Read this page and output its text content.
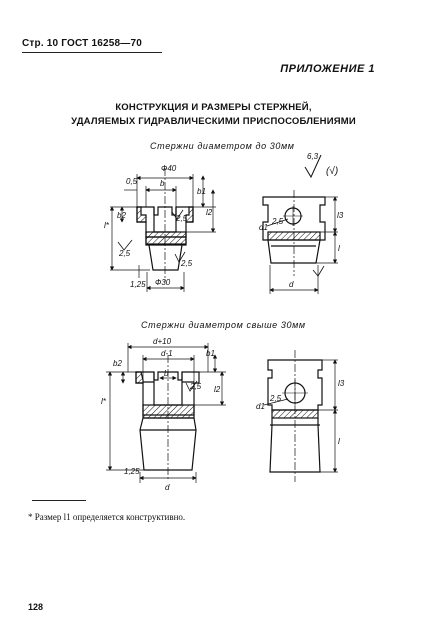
Стр. 10 ГОСТ 16258—70
ПРИЛОЖЕНИЕ 1
КОНСТРУКЦИЯ И РАЗМЕРЫ СТЕРЖНЕЙ,
УДАЛЯЕМЫХ ГИДРАВЛИЧЕСКИМИ ПРИСПОСОБЛЕНИЯМИ
Стержни диаметром до 30мм
Стержни диаметром свыше 30мм
Ф40
0,5	b
b2
l*
b1
l2
2,5
2,5
2,5
1,25 Ф30
d1
2,5
l3
l
d
6,3
(√)
d+10
d-1
b
b2
l*
b1
l2
2,5
1,25
d
d1
2,5
l3
l
* Размер l1 определяется конструктивно.
128
